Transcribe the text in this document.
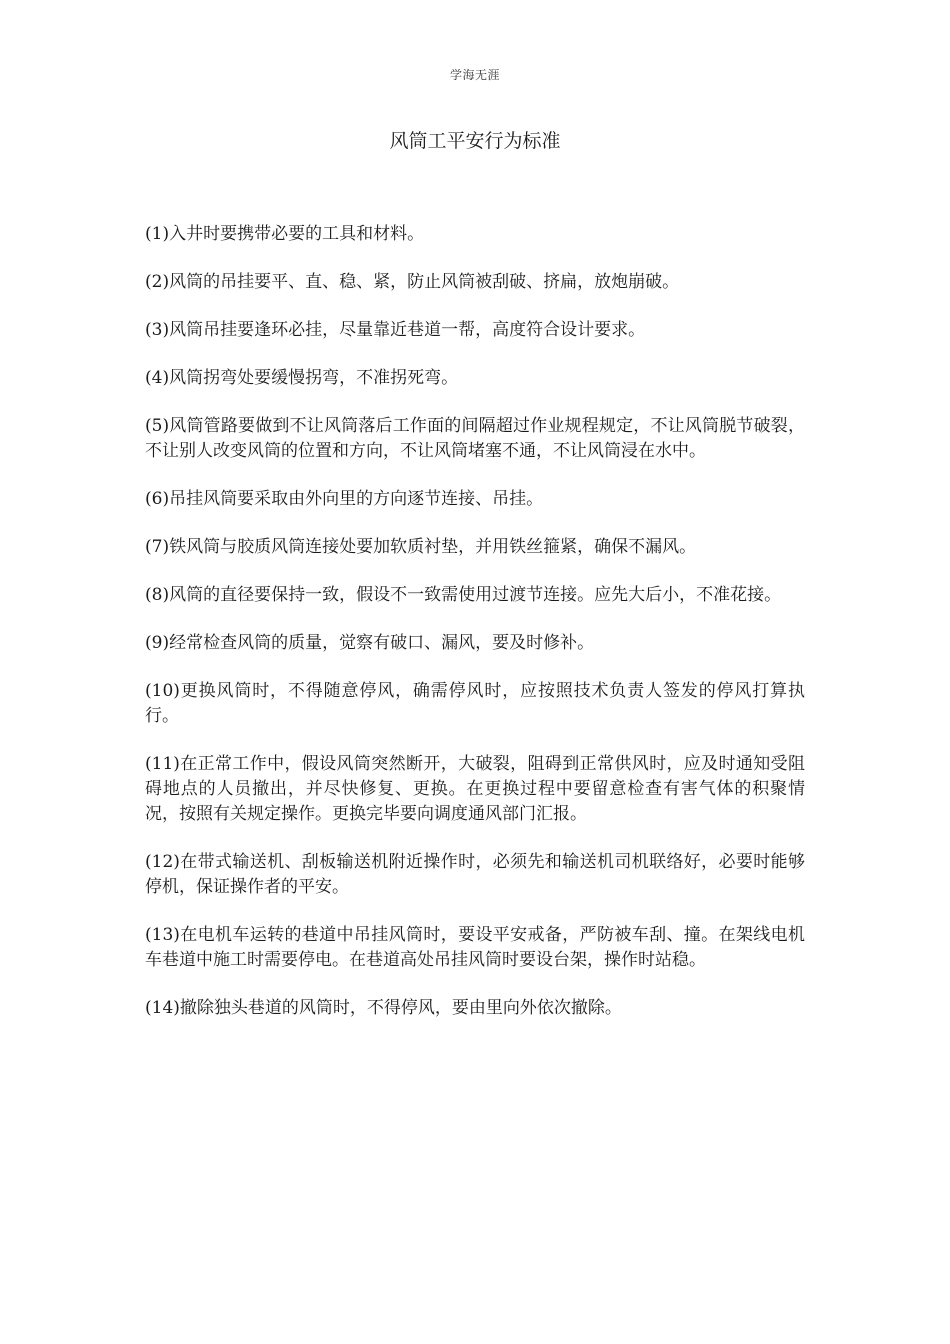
学海无涯
风筒工平安行为标准

(1)入井时要携带必要的工具和材料。

(2)风筒的吊挂要平、直、稳、紧，防止风筒被刮破、挤扁，放炮崩破。

(3)风筒吊挂要逢环必挂，尽量靠近巷道一帮，高度符合设计要求。

(4)风筒拐弯处要缓慢拐弯，不准拐死弯。

(5)风筒管路要做到不让风筒落后工作面的间隔超过作业规程规定，不让风筒脱节破裂，不让别人改变风筒的位置和方向，不让风筒堵塞不通，不让风筒浸在水中。

(6)吊挂风筒要采取由外向里的方向逐节连接、吊挂。

(7)铁风筒与胶质风筒连接处要加软质衬垫，并用铁丝箍紧，确保不漏风。

(8)风筒的直径要保持一致，假设不一致需使用过渡节连接。应先大后小，不准花接。

(9)经常检查风筒的质量，觉察有破口、漏风，要及时修补。

(10)更换风筒时，不得随意停风，确需停风时，应按照技术负责人签发的停风打算执行。

(11)在正常工作中，假设风筒突然断开，大破裂，阻碍到正常供风时，应及时通知受阻碍地点的人员撤出，并尽快修复、更换。在更换过程中要留意检查有害气体的积聚情况，按照有关规定操作。更换完毕要向调度通风部门汇报。

(12)在带式输送机、刮板输送机附近操作时，必须先和输送机司机联络好，必要时能够停机，保证操作者的平安。

(13)在电机车运转的巷道中吊挂风筒时，要设平安戒备，严防被车刮、撞。在架线电机车巷道中施工时需要停电。在巷道高处吊挂风筒时要设台架，操作时站稳。

(14)撤除独头巷道的风筒时，不得停风，要由里向外依次撤除。
